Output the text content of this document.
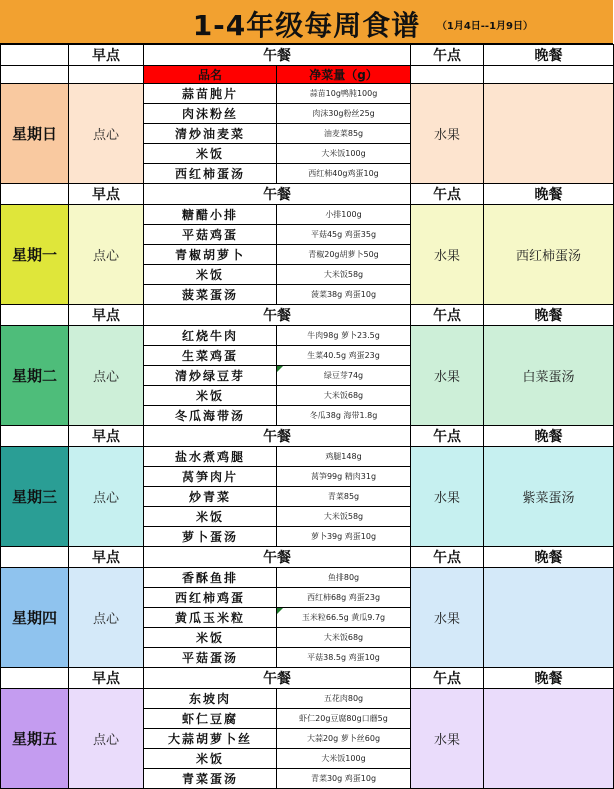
1-4年级每周食谱	（1月4日--1月9日）
	早点	午餐		午点	晚餐
		品名	净菜量（g）		
星期日	点心	蒜苗肫片	蒜苗10g鸭肫100g	水果	
		肉沫粉丝	肉沫30g粉丝25g		
		清炒油麦菜	油麦菜85g		
		米饭	大米饭100g		
		西红柿蛋汤	西红柿40g鸡蛋10g		
	早点	午餐		午点	晚餐
星期一	点心	糖醋小排	小排100g	水果	西红柿蛋汤
		平菇鸡蛋	平菇45g 鸡蛋35g		
		青椒胡萝卜	青椒20g胡萝卜50g		
		米饭	大米饭58g		
		菠菜蛋汤	菠菜38g 鸡蛋10g		
	早点	午餐		午点	晚餐
星期二	点心	红烧牛肉	牛肉98g 萝卜23.5g	水果	白菜蛋汤
		生菜鸡蛋	生菜40.5g 鸡蛋23g		
		清炒绿豆芽	绿豆芽74g		
		米饭	大米饭68g		
		冬瓜海带汤	冬瓜38g 海带1.8g		
	早点	午餐		午点	晚餐
星期三	点心	盐水煮鸡腿	鸡腿148g	水果	紫菜蛋汤
		莴笋肉片	莴笋99g 精肉31g		
		炒青菜	青菜85g		
		米饭	大米饭58g		
		萝卜蛋汤	萝卜39g 鸡蛋10g		
	早点	午餐		午点	晚餐
星期四	点心	香酥鱼排	鱼排80g	水果	
		西红柿鸡蛋	西红柿68g 鸡蛋23g		
		黄瓜玉米粒	玉米粒66.5g 黄瓜9.7g		
		米饭	大米饭68g		
		平菇蛋汤	平菇38.5g 鸡蛋10g		
	早点	午餐		午点	晚餐
星期五	点心	东坡肉	五花肉80g	水果	
		虾仁豆腐	虾仁20g豆腐80g口蘑5g		
		大蒜胡萝卜丝	大蒜20g 萝卜丝60g		
		米饭	大米饭100g		
		青菜蛋汤	青菜30g 鸡蛋10g		
